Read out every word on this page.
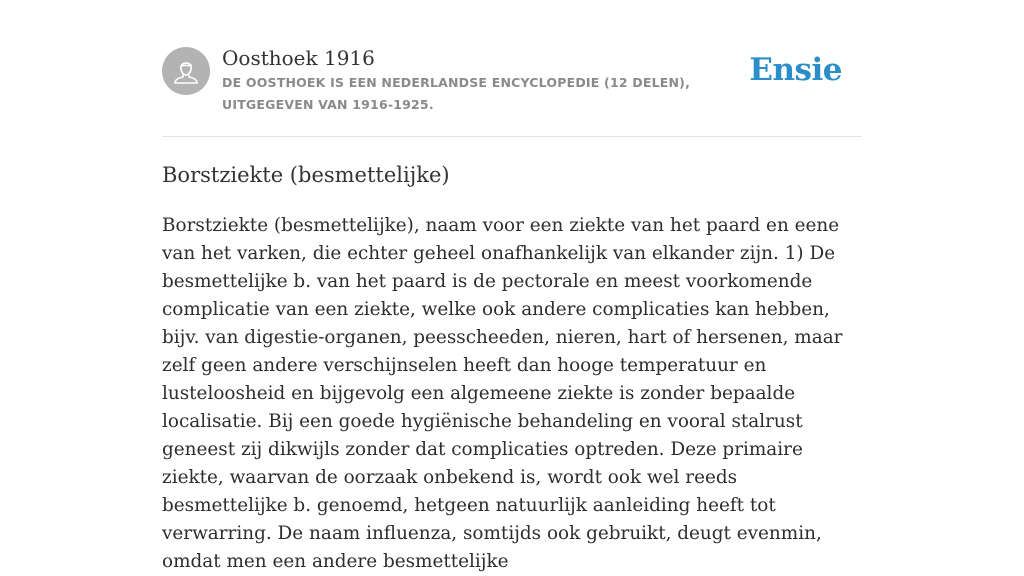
Oosthoek 1916
DE OOSTHOEK IS EEN NEDERLANDSE ENCYCLOPEDIE (12 DELEN), UITGEGEVEN VAN 1916-1925.
Ensie
Borstziekte (besmettelijke)

Borstziekte (besmettelijke), naam voor een ziekte van het paard en eene van het varken, die echter geheel onafhankelijk van elkander zijn. 1) De besmettelijke b. van het paard is de pectorale en meest voorkomende complicatie van een ziekte, welke ook andere complicaties kan hebben, bijv. van digestie-organen, peesscheeden, nieren, hart of hersenen, maar zelf geen andere verschijnselen heeft dan hooge temperatuur en lusteloosheid en bijgevolg een algemeene ziekte is zonder bepaalde localisatie. Bij een goede hygiënische behandeling en vooral stalrust geneest zij dikwijls zonder dat complicaties optreden. Deze primaire ziekte, waarvan de oorzaak onbekend is, wordt ook wel reeds besmettelijke b. genoemd, hetgeen natuurlijk aanleiding heeft tot verwarring. De naam influenza, somtijds ook gebruikt, deugt evenmin, omdat men een andere besmettelijke
